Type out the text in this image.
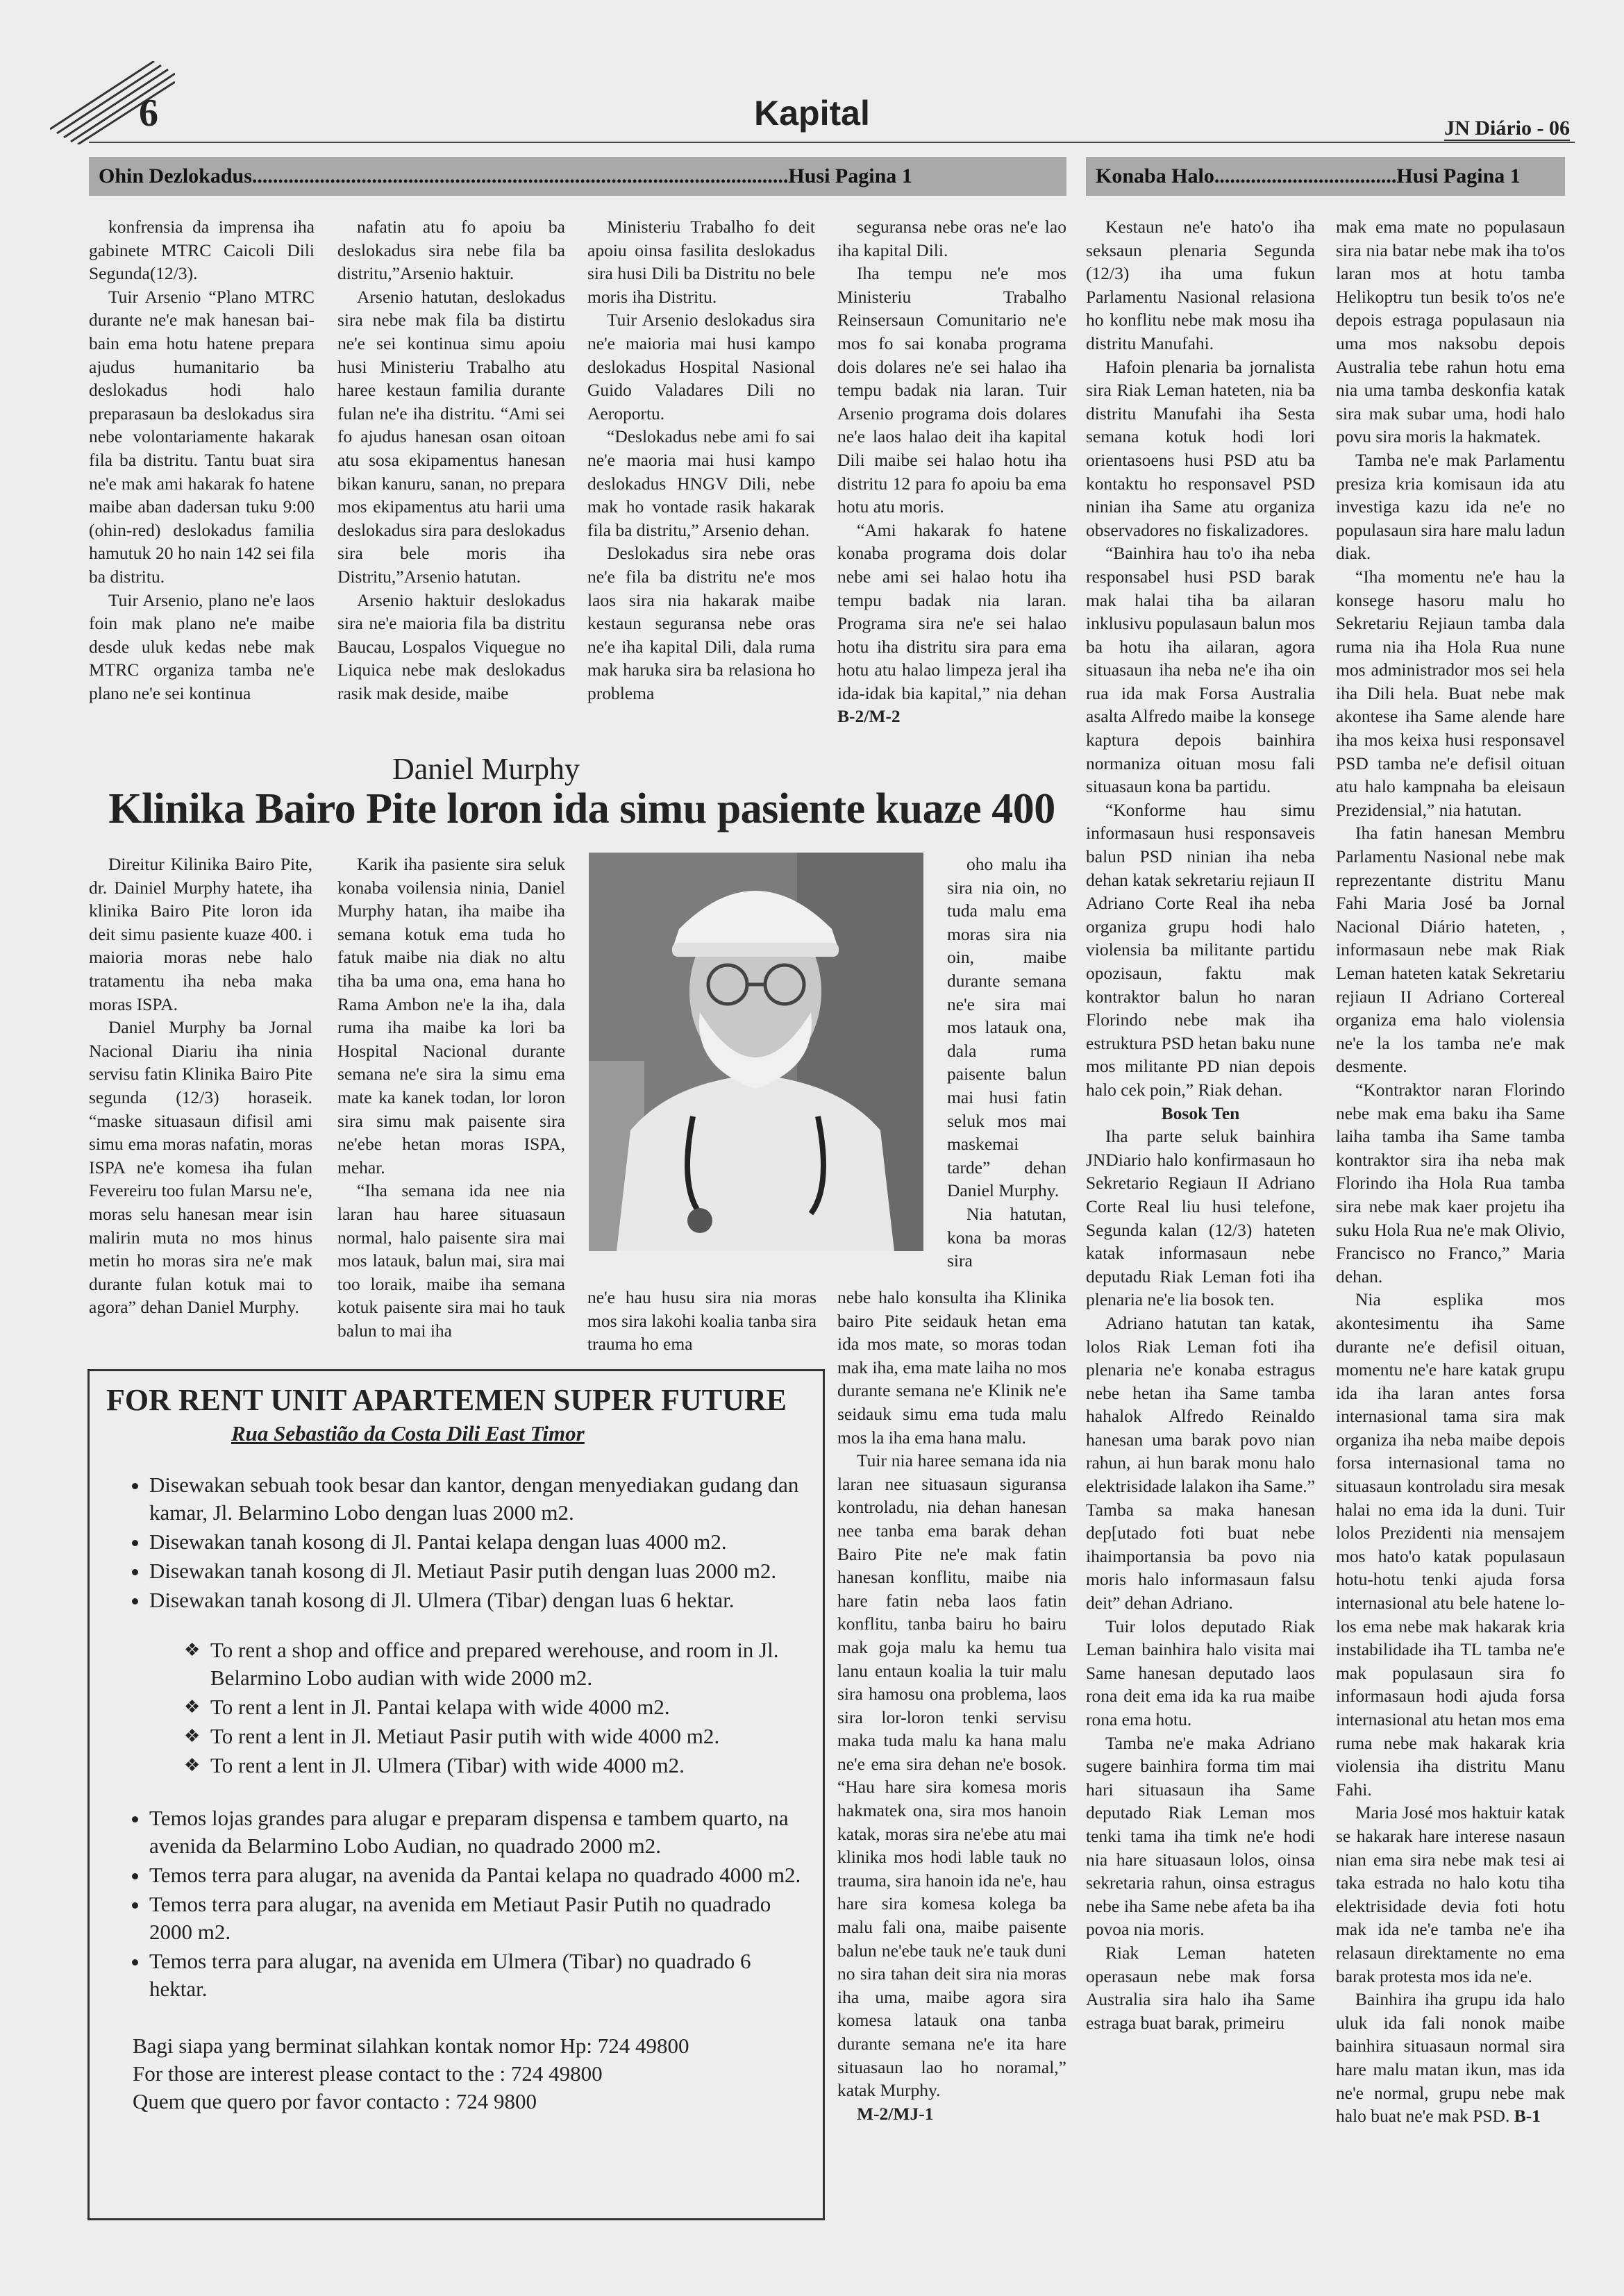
6	Kapital	JN Diário - 06
Ohin Dezlokadus.......................................................................................................Husi Pagina 1	Konaba Halo...................................Husi Pagina 1

konfrensia da imprensa iha gabinete MTRC Caicoli Dili Segunda(12/3).

Tuir Arsenio “Plano MTRC durante ne'e mak hanesan bai-bain ema hotu hatene prepara ajudus humanitario ba deslokadus hodi halo preparasaun ba deslokadus sira nebe volontariamente hakarak fila ba distritu. Tantu buat sira ne'e mak ami hakarak fo hatene maibe aban dadersan tuku 9:00 (ohin-red) deslokadus familia hamutuk 20 ho nain 142 sei fila ba distritu.

Tuir Arsenio, plano ne'e laos foin mak plano ne'e maibe desde uluk kedas nebe mak MTRC organiza tamba ne'e plano ne'e sei kontinua

nafatin atu fo apoiu ba deslokadus sira nebe fila ba distritu,”Arsenio haktuir.

Arsenio hatutan, deslokadus sira nebe mak fila ba distirtu ne'e sei kontinua simu apoiu husi Ministeriu Trabalho atu haree kestaun familia durante fulan ne'e iha distritu. “Ami sei fo ajudus hanesan osan oitoan atu sosa ekipamentus hanesan bikan kanuru, sanan, no prepara mos ekipamentus atu harii uma deslokadus sira para deslokadus sira bele moris iha Distritu,”Arsenio hatutan.

Arsenio haktuir deslokadus sira ne'e maioria fila ba distritu Baucau, Lospalos Viquegue no Liquica nebe mak deslokadus rasik mak deside, maibe

Ministeriu Trabalho fo deit apoiu oinsa fasilita deslokadus sira husi Dili ba Distritu no bele moris iha Distritu.

Tuir Arsenio deslokadus sira ne'e maioria mai husi kampo deslokadus Hospital Nasional Guido Valadares Dili no Aeroportu.

“Deslokadus nebe ami fo sai ne'e maoria mai husi kampo deslokadus HNGV Dili, nebe mak ho vontade rasik hakarak fila ba distritu,” Arsenio dehan.

Deslokadus sira nebe oras ne'e fila ba distritu ne'e mos laos sira nia hakarak maibe kestaun seguransa nebe oras ne'e iha kapital Dili, dala ruma mak haruka sira ba relasiona ho problema

seguransa nebe oras ne'e lao iha kapital Dili.

Iha tempu ne'e mos Ministeriu Trabalho Reinsersaun Comunitario ne'e mos fo sai konaba programa dois dolares ne'e sei halao iha tempu badak nia laran. Tuir Arsenio programa dois dolares ne'e laos halao deit iha kapital Dili maibe sei halao hotu iha distritu 12 para fo apoiu ba ema hotu atu moris.

“Ami hakarak fo hatene konaba programa dois dolar nebe ami sei halao hotu iha tempu badak nia laran. Programa sira ne'e sei halao hotu iha distritu sira para ema hotu atu halao limpeza jeral iha ida-idak bia kapital,” nia dehan B-2/M-2

Daniel Murphy
Klinika Bairo Pite loron ida simu pasiente kuaze 400

Direitur Kilinika Bairo Pite, dr. Dainiel Murphy hatete, iha klinika Bairo Pite loron ida deit simu pasiente kuaze 400. i maioria moras nebe halo tratamentu iha neba maka moras ISPA.

Daniel Murphy ba Jornal Nacional Diariu iha ninia servisu fatin Klinika Bairo Pite segunda (12/3) horaseik. “maske situasaun difisil ami simu ema moras nafatin, moras ISPA ne'e komesa iha fulan Fevereiru too fulan Marsu ne'e, moras selu hanesan mear isin malirin muta no mos hinus metin ho moras sira ne'e mak durante fulan kotuk mai to agora” dehan Daniel Murphy.

Karik iha pasiente sira seluk konaba voilensia ninia, Daniel Murphy hatan, iha maibe iha semana kotuk ema tuda ho fatuk maibe nia diak no altu tiha ba uma ona, ema hana ho Rama Ambon ne'e la iha, dala ruma iha maibe ka lori ba Hospital Nacional durante semana ne'e sira la simu ema mate ka kanek todan, lor loron sira simu mak paisente sira ne'ebe hetan moras ISPA, mehar.

“Iha semana ida nee nia laran hau haree situasaun normal, halo paisente sira mai mos latauk, balun mai, sira mai too loraik, maibe iha semana kotuk paisente sira mai ho tauk balun to mai iha

oho malu iha sira nia oin, no tuda malu ema moras sira nia oin, maibe durante semana ne'e sira mai mos latauk ona, dala ruma paisente balun mai husi fatin seluk mos mai maskemai tarde” dehan Daniel Murphy.

Nia hatutan, kona ba moras sira

ne'e hau husu sira nia moras mos sira lakohi koalia tanba sira trauma ho ema

nebe halo konsulta iha Klinika bairo Pite seidauk hetan ema ida mos mate, so moras todan mak iha, ema mate laiha no mos durante semana ne'e Klinik ne'e seidauk simu ema tuda malu mos la iha ema hana malu.

Tuir nia haree semana ida nia laran nee situasaun siguransa kontroladu, nia dehan hanesan nee tanba ema barak dehan Bairo Pite ne'e mak fatin hanesan konflitu, maibe nia hare fatin neba laos fatin konflitu, tanba bairu ho bairu mak goja malu ka hemu tua lanu entaun koalia la tuir malu sira hamosu ona problema, laos sira lor-loron tenki servisu maka tuda malu ka hana malu ne'e ema sira dehan ne'e bosok. “Hau hare sira komesa moris hakmatek ona, sira mos hanoin katak, moras sira ne'ebe atu mai klinika mos hodi lable tauk no trauma, sira hanoin ida ne'e, hau hare sira komesa kolega ba malu fali ona, maibe paisente balun ne'ebe tauk ne'e tauk duni no sira tahan deit sira nia moras iha uma, maibe agora sira komesa latauk ona tanba durante semana ne'e ita hare situasaun lao ho noramal,” katak Murphy.

M-2/MJ-1

Kestaun ne'e hato'o iha seksaun plenaria Segunda (12/3) iha uma fukun Parlamentu Nasional relasiona ho konflitu nebe mak mosu iha distritu Manufahi.

Hafoin plenaria ba jornalista sira Riak Leman hateten, nia ba distritu Manufahi iha Sesta semana kotuk hodi lori orientasoens husi PSD atu ba kontaktu ho responsavel PSD ninian iha Same atu organiza observadores no fiskalizadores.

“Bainhira hau to'o iha neba responsabel husi PSD barak mak halai tiha ba ailaran inklusivu populasaun balun mos ba hotu iha ailaran, agora situasaun iha neba ne'e iha oin rua ida mak Forsa Australia asalta Alfredo maibe la konsege kaptura depois bainhira normaniza oituan mosu fali situasaun kona ba partidu.

“Konforme hau simu informasaun husi responsaveis balun PSD ninian iha neba dehan katak sekretariu rejiaun II Adriano Corte Real iha neba organiza grupu hodi halo violensia ba militante partidu opozisaun, faktu mak kontraktor balun ho naran Florindo nebe mak iha estruktura PSD hetan baku nune mos militante PD nian depois halo cek poin,” Riak dehan.

Bosok Ten

Iha parte seluk bainhira JNDiario halo konfirmasaun ho Sekretario Regiaun II Adriano Corte Real liu husi telefone, Segunda kalan (12/3) hateten katak informasaun nebe deputadu Riak Leman foti iha plenaria ne'e lia bosok ten.

Adriano hatutan tan katak, lolos Riak Leman foti iha plenaria ne'e konaba estragus nebe hetan iha Same tamba hahalok Alfredo Reinaldo hanesan uma barak povo nian rahun, ai hun barak monu halo elektrisidade lalakon iha Same.” Tamba sa maka hanesan dep[utado foti buat nebe ihaimportansia ba povo nia moris halo informasaun falsu deit” dehan Adriano.

Tuir lolos deputado Riak Leman bainhira halo visita mai Same hanesan deputado laos rona deit ema ida ka rua maibe rona ema hotu.

Tamba ne'e maka Adriano sugere bainhira forma tim mai hari situasaun iha Same deputado Riak Leman mos tenki tama iha timk ne'e hodi nia hare situasaun lolos, oinsa sekretaria rahun, oinsa estragus nebe iha Same nebe afeta ba iha povoa nia moris.

Riak Leman hateten operasaun nebe mak forsa Australia sira halo iha Same estraga buat barak, primeiru

mak ema mate no populasaun sira nia batar nebe mak iha to'os laran mos at hotu tamba Helikoptru tun besik to'os ne'e depois estraga populasaun nia uma mos naksobu depois Australia tebe rahun hotu ema nia uma tamba deskonfia katak sira mak subar uma, hodi halo povu sira moris la hakmatek.

Tamba ne'e mak Parlamentu presiza kria komisaun ida atu investiga kazu ida ne'e no populasaun sira hare malu ladun diak.

“Iha momentu ne'e hau la konsege hasoru malu ho Sekretariu Rejiaun tamba dala ruma nia iha Hola Rua nune mos administrador mos sei hela iha Dili hela. Buat nebe mak akontese iha Same alende hare iha mos keixa husi responsavel PSD tamba ne'e defisil oituan atu halo kampnaha ba eleisaun Prezidensial,” nia hatutan.

Iha fatin hanesan Membru Parlamentu Nasional nebe mak reprezentante distritu Manu Fahi Maria José ba Jornal Nacional Diário hateten, , informasaun nebe mak Riak Leman hateten katak Sekretariu rejiaun II Adriano Cortereal organiza ema halo violensia ne'e la los tamba ne'e mak desmente.

“Kontraktor naran Florindo nebe mak ema baku iha Same laiha tamba iha Same tamba kontraktor sira iha neba mak Florindo iha Hola Rua tamba sira nebe mak kaer projetu iha suku Hola Rua ne'e mak Olivio, Francisco no Franco,” Maria dehan.

Nia esplika mos akontesimentu iha Same durante ne'e defisil oituan, momentu ne'e hare katak grupu ida iha laran antes forsa internasional tama sira mak organiza iha neba maibe depois forsa internasional tama no situasaun kontroladu sira mesak halai no ema ida la duni. Tuir lolos Prezidenti nia mensajem mos hato'o katak populasaun hotu-hotu tenki ajuda forsa internasional atu bele hatene lo-los ema nebe mak hakarak kria instabilidade iha TL tamba ne'e mak populasaun sira fo informasaun hodi ajuda forsa internasional atu hetan mos ema ruma nebe mak hakarak kria violensia iha distritu Manu Fahi.

Maria José mos haktuir katak se hakarak hare interese nasaun nian ema sira nebe mak tesi ai taka estrada no halo kotu tiha elektrisidade devia foti hotu mak ida ne'e tamba ne'e iha relasaun direktamente no ema barak protesta mos ida ne'e.

Bainhira iha grupu ida halo uluk ida fali nonok maibe bainhira situasaun normal sira hare malu matan ikun, mas ida ne'e normal, grupu nebe mak halo buat ne'e mak PSD. B-1

FOR RENT UNIT APARTEMEN SUPER FUTURE
Rua Sebastião da Costa Dili East Timor
• Disewakan sebuah took besar dan kantor, dengan menyediakan gudang dan kamar, Jl. Belarmino Lobo dengan luas 2000 m2.
• Disewakan tanah kosong di Jl. Pantai kelapa dengan luas 4000 m2.
• Disewakan tanah kosong di Jl. Metiaut Pasir putih dengan luas 2000 m2.
• Disewakan tanah kosong di Jl. Ulmera (Tibar) dengan luas 6 hektar.
❖ To rent a shop and office and prepared werehouse, and room in Jl. Belarmino Lobo audian with wide 2000 m2.
❖ To rent a lent in Jl. Pantai kelapa with wide 4000 m2.
❖ To rent a lent in Jl. Metiaut Pasir putih with wide 4000 m2.
❖ To rent a lent in Jl. Ulmera (Tibar) with wide 4000 m2.
• Temos lojas grandes para alugar e preparam dispensa e tambem quarto, na avenida da Belarmino Lobo Audian, no quadrado 2000 m2.
• Temos terra para alugar, na avenida da Pantai kelapa no quadrado 4000 m2.
• Temos terra para alugar, na avenida em Metiaut Pasir Putih no quadrado 2000 m2.
• Temos terra para alugar, na avenida em Ulmera (Tibar) no quadrado 6 hektar.
Bagi siapa yang berminat silahkan kontak nomor Hp: 724 49800
For those are interest please contact to the : 724 49800
Quem que quero por favor contacto : 724 9800
